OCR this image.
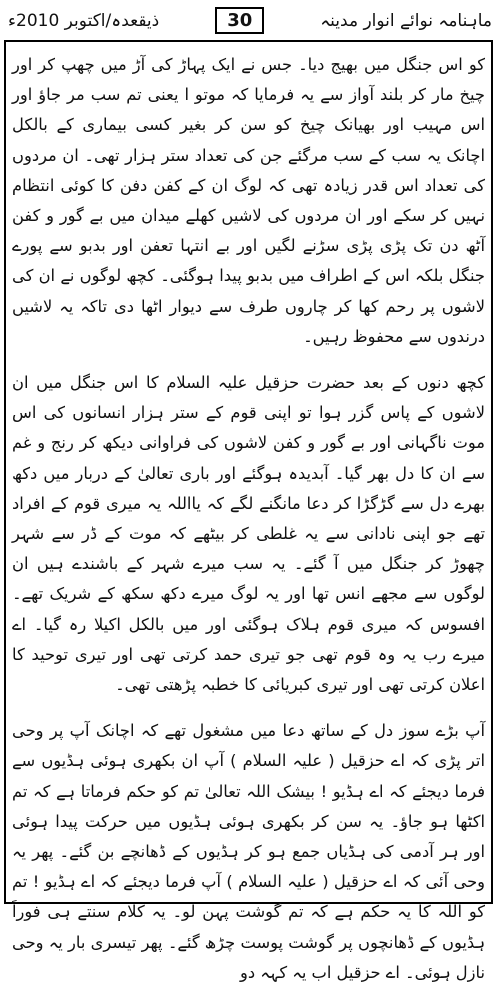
ماہنامہ نوائے انوار مدینہ
30
ذیقعدہ/اکتوبر 2010ء

کو اس جنگل میں بھیج دیا۔ جس نے ایک پہاڑ کی آڑ میں چھپ کر اور چیخ مار کر بلند آواز سے یہ فرمایا کہ موتو ا یعنی تم سب مر جاؤ اور اس مہیب اور بھیانک چیخ کو سن کر بغیر کسی بیماری کے بالکل اچانک یہ سب کے سب مرگئے جن کی تعداد ستر ہزار تھی۔ ان مردوں کی تعداد اس قدر زیادہ تھی کہ لوگ ان کے کفن دفن کا کوئی انتظام نہیں کر سکے اور ان مردوں کی لاشیں کھلے میدان میں بے گور و کفن آٹھ دن تک پڑی پڑی سڑنے لگیں اور بے انتہا تعفن اور بدبو سے پورے جنگل بلکہ اس کے اطراف میں بدبو پیدا ہوگئی۔ کچھ لوگوں نے ان کی لاشوں پر رحم کھا کر چاروں طرف سے دیوار اٹھا دی تاکہ یہ لاشیں درندوں سے محفوظ رہیں۔

کچھ دنوں کے بعد حضرت حزقیل علیہ السلام کا اس جنگل میں ان لاشوں کے پاس گزر ہوا تو اپنی قوم کے ستر ہزار انسانوں کی اس موت ناگہانی اور بے گور و کفن لاشوں کی فراوانی دیکھ کر رنج و غم سے ان کا دل بھر گیا۔ آبدیدہ ہوگئے اور باری تعالیٰ کے دربار میں دکھ بھرے دل سے گڑگڑا کر دعا مانگنے لگے کہ یااللہ یہ میری قوم کے افراد تھے جو اپنی نادانی سے یہ غلطی کر بیٹھے کہ موت کے ڈر سے شہر چھوڑ کر جنگل میں آ گئے۔ یہ سب میرے شہر کے باشندے ہیں ان لوگوں سے مجھے انس تھا اور یہ لوگ میرے دکھ سکھ کے شریک تھے۔ افسوس کہ میری قوم ہلاک ہوگئی اور میں بالکل اکیلا رہ گیا۔ اے میرے رب یہ وہ قوم تھی جو تیری حمد کرتی تھی اور تیری توحید کا اعلان کرتی تھی اور تیری کبریائی کا خطبہ پڑھتی تھی۔

آپ بڑے سوز دل کے ساتھ دعا میں مشغول تھے کہ اچانک آپ پر وحی اتر پڑی کہ اے حزقیل ( علیہ السلام ) آپ ان بکھری ہوئی ہڈیوں سے فرما دیجئے کہ اے ہڈیو ! بیشک اللہ تعالیٰ تم کو حکم فرماتا ہے کہ تم اکٹھا ہو جاؤ۔ یہ سن کر بکھری ہوئی ہڈیوں میں حرکت پیدا ہوئی اور ہر آدمی کی ہڈیاں جمع ہو کر ہڈیوں کے ڈھانچے بن گئے۔ پھر یہ وحی آئی کہ اے حزقیل ( علیہ السلام ) آپ فرما دیجئے کہ اے ہڈیو ! تم کو اللہ کا یہ حکم ہے کہ تم گوشت پہن لو۔ یہ کلام سنتے ہی فوراً ہڈیوں کے ڈھانچوں پر گوشت پوست چڑھ گئے۔ پھر تیسری بار یہ وحی نازل ہوئی۔ اے حزقیل اب یہ کہہ دو
